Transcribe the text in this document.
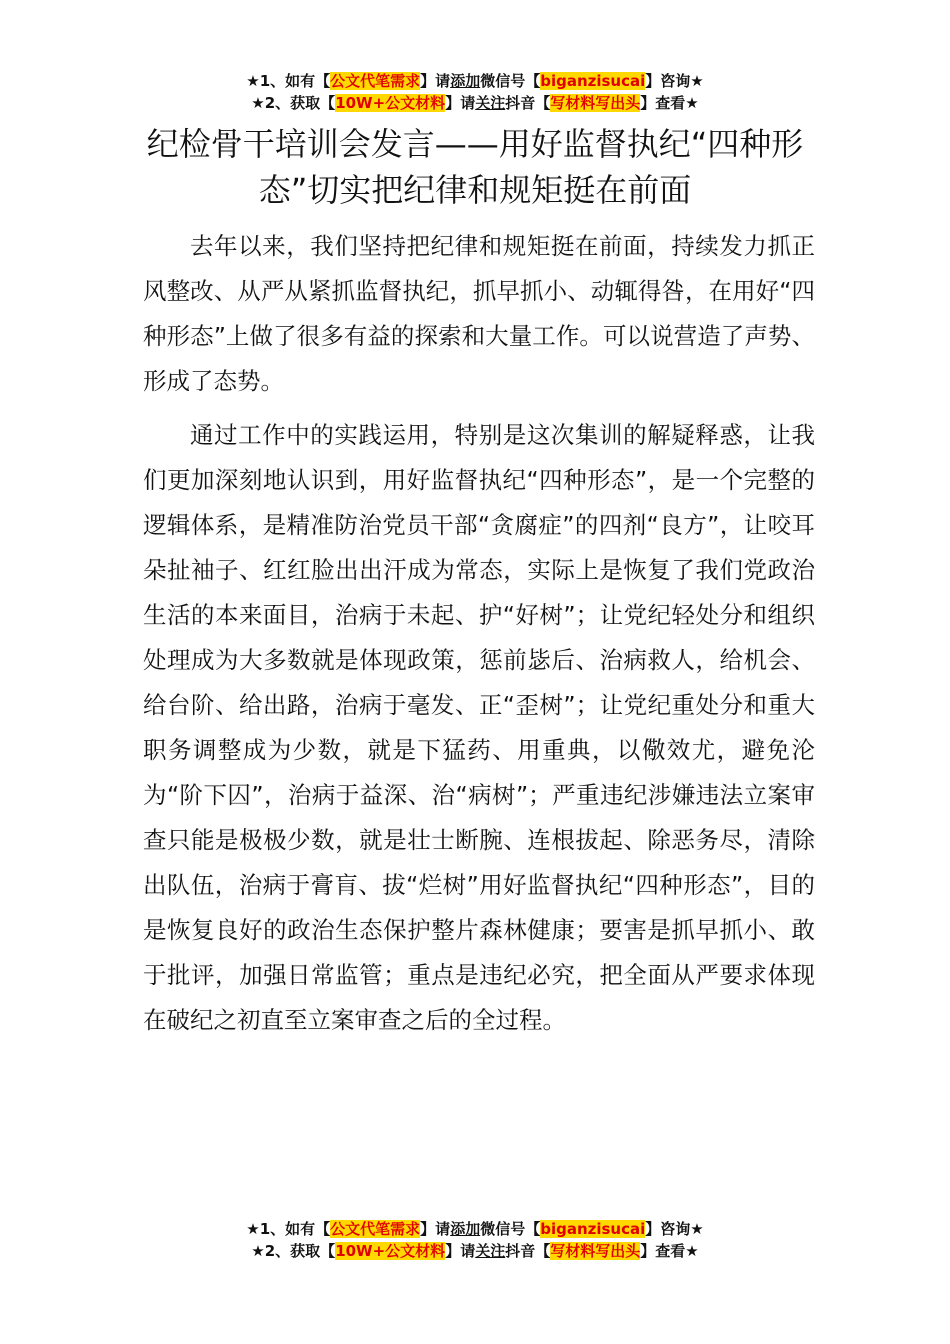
★1、如有【公文代笔需求】请添加微信号【biganzisucai】咨询★
★2、获取【10W+公文材料】请关注抖音【写材料写出头】查看★
纪检骨干培训会发言——用好监督执纪“四种形态”切实把纪律和规矩挺在前面

去年以来，我们坚持把纪律和规矩挺在前面，持续发力抓正风整改、从严从紧抓监督执纪，抓早抓小、动辄得咎，在用好“四种形态”上做了很多有益的探索和大量工作。可以说营造了声势、形成了态势。

通过工作中的实践运用，特别是这次集训的解疑释惑，让我们更加深刻地认识到，用好监督执纪“四种形态”，是一个完整的逻辑体系，是精准防治党员干部“贪腐症”的四剂“良方”，让咬耳朵扯袖子、红红脸出出汗成为常态，实际上是恢复了我们党政治生活的本来面目，治病于未起、护“好树”；让党纪轻处分和组织处理成为大多数就是体现政策，惩前毖后、治病救人，给机会、给台阶、给出路，治病于毫发、正“歪树”；让党纪重处分和重大职务调整成为少数，就是下猛药、用重典，以儆效尤，避免沦为“阶下囚”，治病于益深、治“病树”；严重违纪涉嫌违法立案审查只能是极极少数，就是壮士断腕、连根拔起、除恶务尽，清除出队伍，治病于膏肓、拔“烂树”用好监督执纪“四种形态”，目的是恢复良好的政治生态保护整片森林健康；要害是抓早抓小、敢于批评，加强日常监管；重点是违纪必究，把全面从严要求体现在破纪之初直至立案审查之后的全过程。

★1、如有【公文代笔需求】请添加微信号【biganzisucai】咨询★
★2、获取【10W+公文材料】请关注抖音【写材料写出头】查看★
